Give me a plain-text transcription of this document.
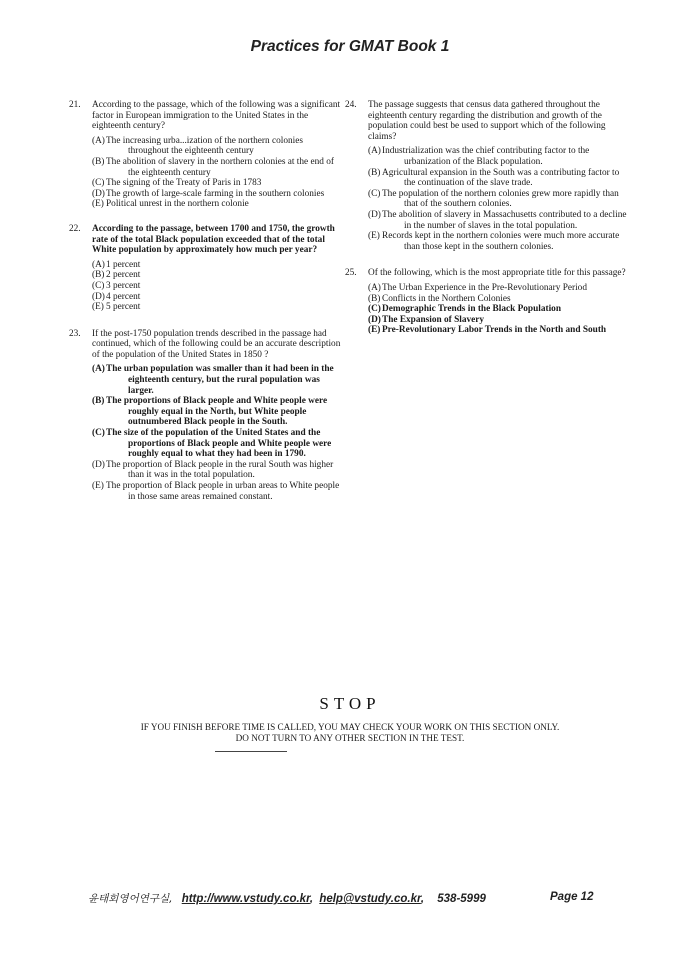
Practices for GMAT Book 1
21. According to the passage, which of the following was a significant factor in European immigration to the United States in the eighteenth century?
(A) The increasing urba...ization of the northern colonies throughout the eighteenth century
(B) The abolition of slavery in the northern colonies at the end of the eighteenth century
(C) The signing of the Treaty of Paris in 1783
(D) The growth of large-scale farming in the southern colonies
(E) Political unrest in the northern colonie
22. According to the passage, between 1700 and 1750, the growth rate of the total Black population exceeded that of the total White population by approximately how much per year?
(A) 1 percent
(B) 2 percent
(C) 3 percent
(D) 4 percent
(E) 5 percent
23. If the post-1750 population trends described in the passage had continued, which of the following could be an accurate description of the population of the United States in 1850 ?
(A) The urban population was smaller than it had been in the eighteenth century, but the rural population was larger.
(B) The proportions of Black people and White people were roughly equal in the North, but White people outnumbered Black people in the South.
(C) The size of the population of the United States and the proportions of Black people and White people were roughly equal to what they had been in 1790.
(D) The proportion of Black people in the rural South was higher than it was in the total population.
(E) The proportion of Black people in urban areas to White people in those same areas remained constant.
24. The passage suggests that census data gathered throughout the eighteenth century regarding the distribution and growth of the population could best be used to support which of the following claims?
(A) Industrialization was the chief contributing factor to the urbanization of the Black population.
(B) Agricultural expansion in the South was a contributing factor to the continuation of the slave trade.
(C) The population of the northern colonies grew more rapidly than that of the southern colonies.
(D) The abolition of slavery in Massachusetts contributed to a decline in the number of slaves in the total population.
(E) Records kept in the northern colonies were much more accurate than those kept in the southern colonies.
25. Of the following, which is the most appropriate title for this passage?
(A) The Urban Experience in the Pre-Revolutionary Period
(B) Conflicts in the Northern Colonies
(C) Demographic Trends in the Black Population
(D) The Expansion of Slavery
(E) Pre-Revolutionary Labor Trends in the North and South
STOP
IF YOU FINISH BEFORE TIME IS CALLED, YOU MAY CHECK YOUR WORK ON THIS SECTION ONLY.
DO NOT TURN TO ANY OTHER SECTION IN THE TEST.
윤태회영어연구실, http://www.vstudy.co.kr, help@vstudy.co.kr, 538-5999	Page 12
